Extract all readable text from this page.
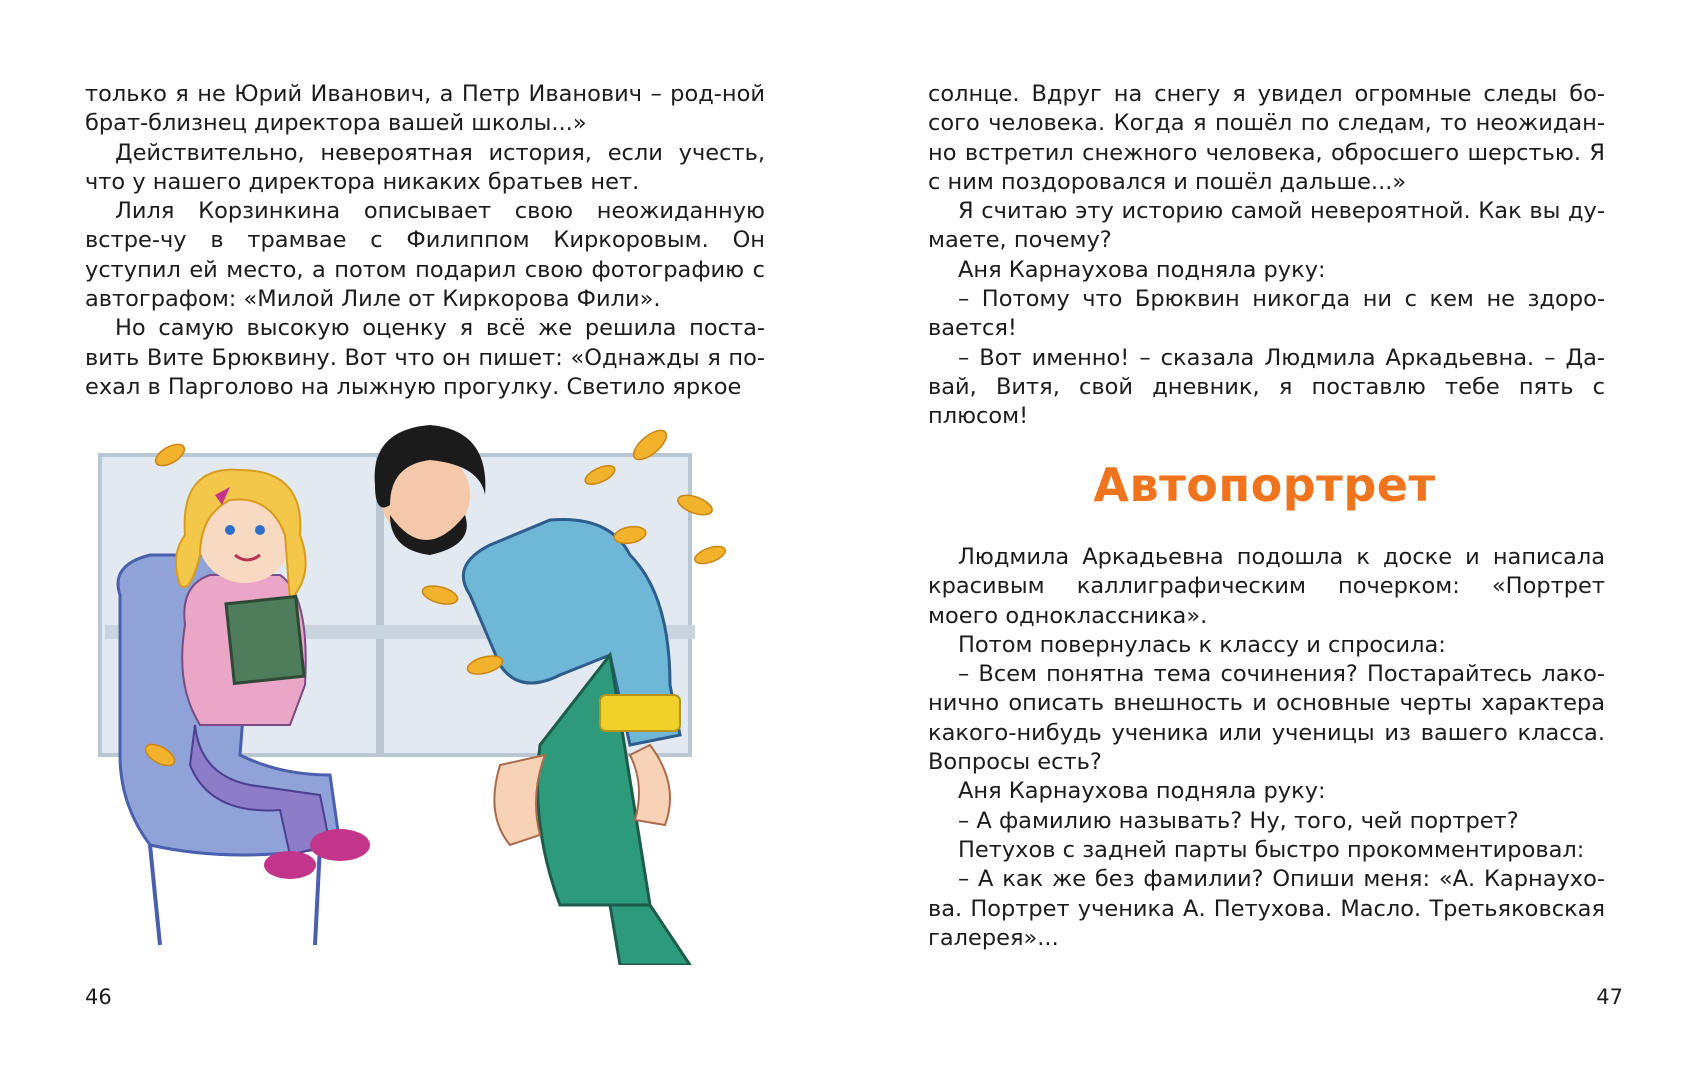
только я не Юрий Иванович, а Петр Иванович – род-ной брат-близнец директора вашей школы...»

Действительно, невероятная история, если учесть, что у нашего директора никаких братьев нет.

Лиля Корзинкина описывает свою неожиданную встре-чу в трамвае с Филиппом Киркоровым. Он уступил ей место, а потом подарил свою фотографию с автографом: «Милой Лиле от Киркорова Фили».

Но самую высокую оценку я всё же решила поста-вить Вите Брюквину. Вот что он пишет: «Однажды я по-ехал в Парголово на лыжную прогулку. Светило яркое

46

солнце. Вдруг на снегу я увидел огромные следы бо-сого человека. Когда я пошёл по следам, то неожидан-но встретил снежного человека, обросшего шерстью. Я с ним поздоровался и пошёл дальше...»

Я считаю эту историю самой невероятной. Как вы ду-маете, почему?

Аня Карнаухова подняла руку:

– Потому что Брюквин никогда ни с кем не здоро-вается!

– Вот именно! – сказала Людмила Аркадьевна. – Да-вай, Витя, свой дневник, я поставлю тебе пять с плюсом!

Автопортрет

Людмила Аркадьевна подошла к доске и написала красивым каллиграфическим почерком: «Портрет моего одноклассника».

Потом повернулась к классу и спросила:

– Всем понятна тема сочинения? Постарайтесь лако-нично описать внешность и основные черты характера какого-нибудь ученика или ученицы из вашего класса. Вопросы есть?

Аня Карнаухова подняла руку:

– А фамилию называть? Ну, того, чей портрет?

Петухов с задней парты быстро прокомментировал:

– А как же без фамилии? Опиши меня: «А. Карнаухо-ва. Портрет ученика А. Петухова. Масло. Третьяковская галерея»...

47
